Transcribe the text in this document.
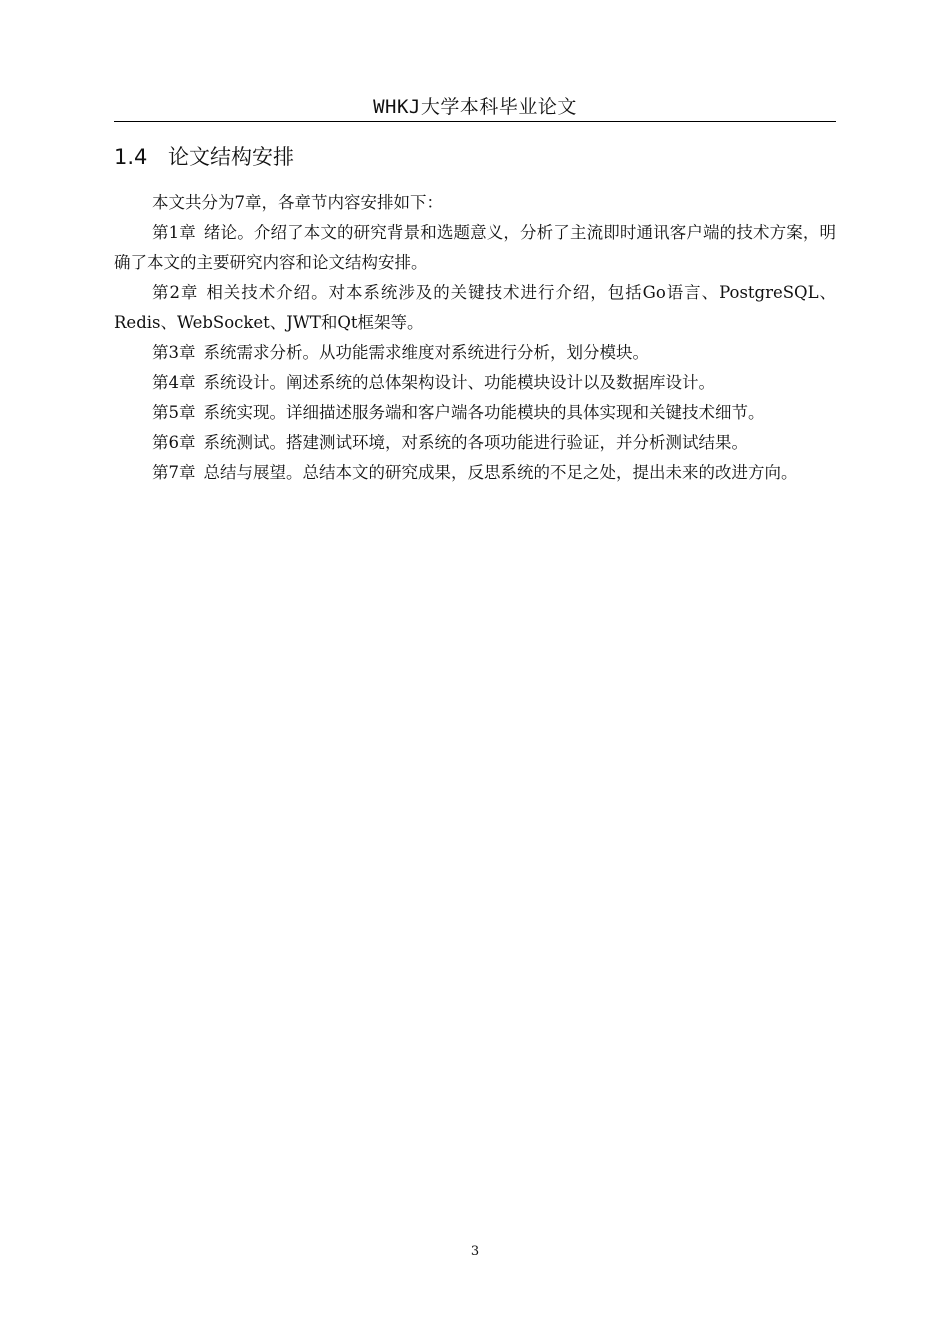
WHKJ大学本科毕业论文
1.4 论文结构安排

本文共分为7章，各章节内容安排如下：

第1章 绪论。介绍了本文的研究背景和选题意义，分析了主流即时通讯客户端的技术方案，明确了本文的主要研究内容和论文结构安排。

第2章 相关技术介绍。对本系统涉及的关键技术进行介绍，包括Go语言、PostgreSQL、Redis、WebSocket、JWT和Qt框架等。

第3章 系统需求分析。从功能需求维度对系统进行分析，划分模块。

第4章 系统设计。阐述系统的总体架构设计、功能模块设计以及数据库设计。

第5章 系统实现。详细描述服务端和客户端各功能模块的具体实现和关键技术细节。

第6章 系统测试。搭建测试环境，对系统的各项功能进行验证，并分析测试结果。

第7章 总结与展望。总结本文的研究成果，反思系统的不足之处，提出未来的改进方向。

3
